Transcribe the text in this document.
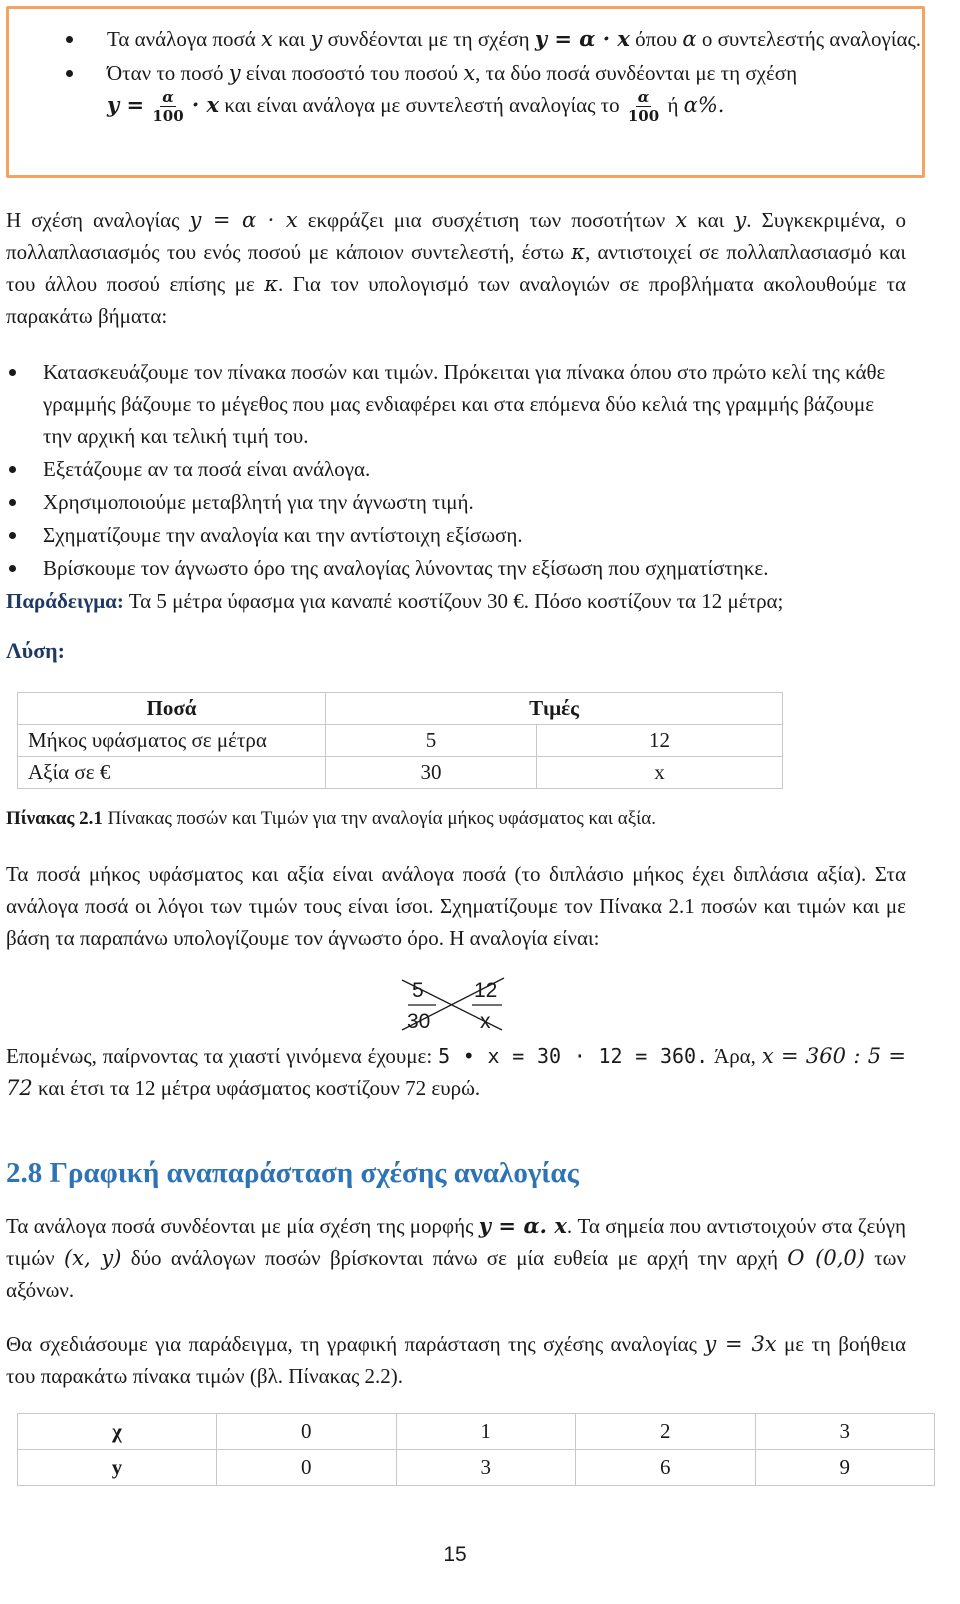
Τα ανάλογα ποσά x και y συνδέονται με τη σχέση y = α · x όπου α ο συντελεστής αναλογίας.
Όταν το ποσό y είναι ποσοστό του ποσού x, τα δύο ποσά συνδέονται με τη σχέση
$y = \frac{\alpha}{100} \cdot x$ και είναι ανάλογα με συντελεστή αναλογίας το $\frac{\alpha}{100}$ ή α%.
Η σχέση αναλογίας y = α · x εκφράζει μια συσχέτιση των ποσοτήτων x και y. Συγκεκριμένα, ο πολλαπλασιασμός του ενός ποσού με κάποιον συντελεστή, έστω κ, αντιστοιχεί σε πολλαπλασιασμό και του άλλου ποσού επίσης με κ. Για τον υπολογισμό των αναλογιών σε προβλήματα ακολουθούμε τα παρακάτω βήματα:
Κατασκευάζουμε τον πίνακα ποσών και τιμών. Πρόκειται για πίνακα όπου στο πρώτο κελί της κάθε γραμμής βάζουμε το μέγεθος που μας ενδιαφέρει και στα επόμενα δύο κελιά της γραμμής βάζουμε την αρχική και τελική τιμή του.
Εξετάζουμε αν τα ποσά είναι ανάλογα.
Χρησιμοποιούμε μεταβλητή για την άγνωστη τιμή.
Σχηματίζουμε την αναλογία και την αντίστοιχη εξίσωση.
Βρίσκουμε τον άγνωστο όρο της αναλογίας λύνοντας την εξίσωση που σχηματίστηκε.
Παράδειγμα: Τα 5 μέτρα ύφασμα για καναπέ κοστίζουν 30 €. Πόσο κοστίζουν τα 12 μέτρα;
Λύση:
Ποσά	Τιμές	
Μήκος υφάσματος σε μέτρα	5	12
Αξία σε €	30	x
Πίνακας 2.1 Πίνακας ποσών και Τιμών για την αναλογία μήκος υφάσματος και αξία.
Τα ποσά μήκος υφάσματος και αξία είναι ανάλογα ποσά (το διπλάσιο μήκος έχει διπλάσια αξία). Στα ανάλογα ποσά οι λόγοι των τιμών τους είναι ίσοι. Σχηματίζουμε τον Πίνακα 2.1 ποσών και τιμών και με βάση τα παραπάνω υπολογίζουμε τον άγνωστο όρο. Η αναλογία είναι:
5 12
30 x
Επομένως, παίρνοντας τα χιαστί γινόμενα έχουμε: 5 • x = 30 · 12 = 360. Άρα, x = 360 : 5 = 72 και έτσι τα 12 μέτρα υφάσματος κοστίζουν 72 ευρώ.
2.8 Γραφική αναπαράσταση σχέσης αναλογίας
Τα ανάλογα ποσά συνδέονται με μία σχέση της μορφής y = α. x. Τα σημεία που αντιστοιχούν στα ζεύγη τιμών (x, y) δύο ανάλογων ποσών βρίσκονται πάνω σε μία ευθεία με αρχή την αρχή O (0,0) των αξόνων.
Θα σχεδιάσουμε για παράδειγμα, τη γραφική παράσταση της σχέσης αναλογίας y = 3x με τη βοήθεια του παρακάτω πίνακα τιμών (βλ. Πίνακας 2.2).
χ	0	1	2	3
y	0	3	6	9
15
